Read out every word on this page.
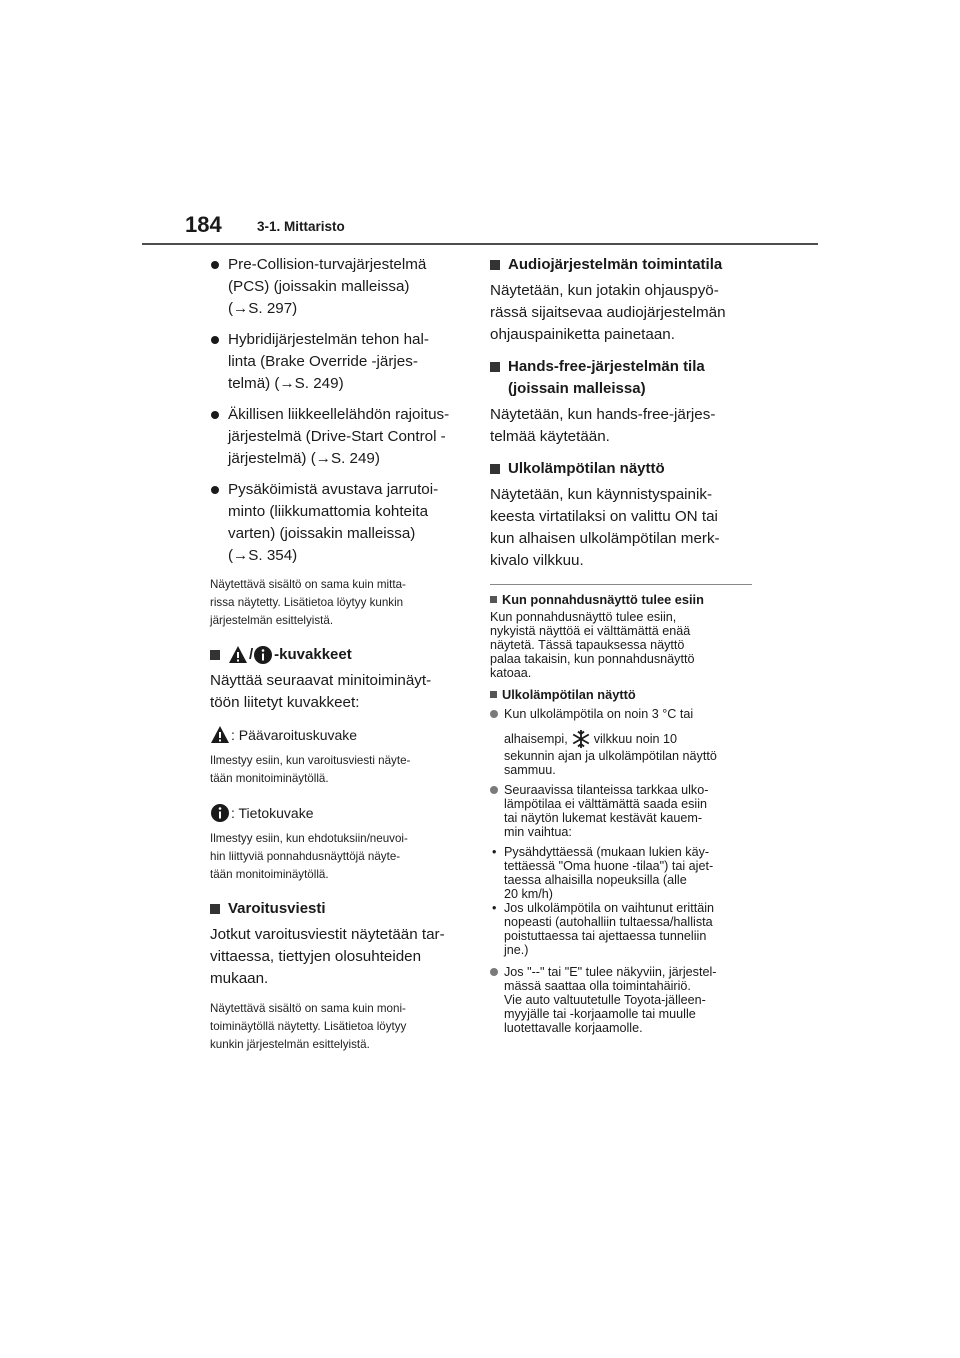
184	3-1. Mittaristo
Pre-Collision-turvajärjestelmä
(PCS) (joissakin malleissa)
(→S. 297)
Hybridijärjestelmän tehon hal-
linta (Brake Override -järjes-
telmä) (→S. 249)
Äkillisen liikkeellelähdön rajoitus-
järjestelmä (Drive-Start Control -
järjestelmä) (→S. 249)
Pysäköimistä avustava jarrutoi-
minto (liikkumattomia kohteita
varten) (joissakin malleissa)
(→S. 354)
Näytettävä sisältö on sama kuin mitta-
rissa näytetty. Lisätietoa löytyy kunkin
järjestelmän esittelyistä.
/ -kuvakkeet
Näyttää seuraavat minitoiminäyt-
töön liitetyt kuvakkeet:
: Päävaroituskuvake
Ilmestyy esiin, kun varoitusviesti näyte-
tään monitoiminäytöllä.
: Tietokuvake
Ilmestyy esiin, kun ehdotuksiin/neuvoi-
hin liittyviä ponnahdusnäyttöjä näyte-
tään monitoiminäytöllä.
Varoitusviesti
Jotkut varoitusviestit näytetään tar-
vittaessa, tiettyjen olosuhteiden
mukaan.
Näytettävä sisältö on sama kuin moni-
toiminäytöllä näytetty. Lisätietoa löytyy
kunkin järjestelmän esittelyistä.
Audiojärjestelmän toimintatila
Näytetään, kun jotakin ohjauspyö-
rässä sijaitsevaa audiojärjestelmän
ohjauspainiketta painetaan.
Hands-free-järjestelmän tila
(joissain malleissa)
Näytetään, kun hands-free-järjes-
telmää käytetään.
Ulkolämpötilan näyttö
Näytetään, kun käynnistyspainik-
keesta virtatilaksi on valittu ON tai
kun alhaisen ulkolämpötilan merk-
kivalo vilkkuu.
Kun ponnahdusnäyttö tulee esiin
Kun ponnahdusnäyttö tulee esiin,
nykyistä näyttöä ei välttämättä enää
näytetä. Tässä tapauksessa näyttö
palaa takaisin, kun ponnahdusnäyttö
katoaa.
Ulkolämpötilan näyttö
Kun ulkolämpötila on noin 3 °C tai
alhaisempi, vilkkuu noin 10
sekunnin ajan ja ulkolämpötilan näyttö
sammuu.
Seuraavissa tilanteissa tarkkaa ulko-
lämpötilaa ei välttämättä saada esiin
tai näytön lukemat kestävät kauem-
min vaihtua:
• Pysähdyttäessä (mukaan lukien käy-
tettäessä "Oma huone -tilaa") tai ajet-
taessa alhaisilla nopeuksilla (alle
20 km/h)
• Jos ulkolämpötila on vaihtunut erittäin
nopeasti (autohalliin tultaessa/hallista
poistuttaessa tai ajettaessa tunneliin
jne.)
Jos "--" tai "E" tulee näkyviin, järjestel-
mässä saattaa olla toimintahäiriö.
Vie auto valtuutetulle Toyota-jälleen-
myyjälle tai -korjaamolle tai muulle
luotettavalle korjaamolle.
